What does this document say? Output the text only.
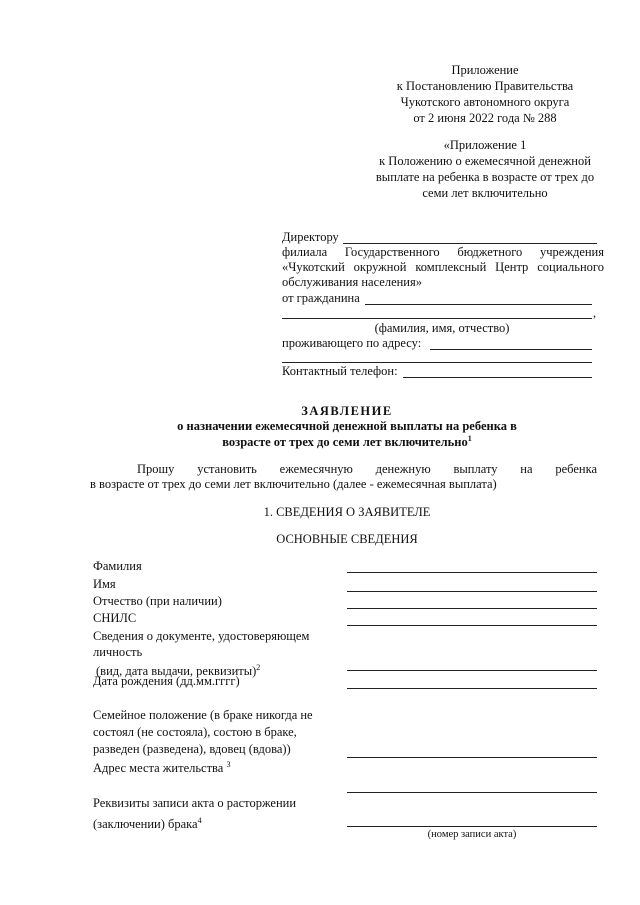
Приложение
к Постановлению Правительства
Чукотского автономного округа
от 2 июня 2022 года № 288
«Приложение 1
к Положению о ежемесячной денежной
выплате на ребенка в возрасте от трех до
семи лет включительно
Директору
филиала Государственного бюджетного учреждения
«Чукотский окружной комплексный Центр социального
обслуживания населения»
от гражданина
,
(фамилия, имя, отчество)
проживающего по адресу:
Контактный телефон:
ЗАЯВЛЕНИЕ
о назначении ежемесячной денежной выплаты на ребенка в
возрасте от трех до семи лет включительно$^1$
Прошу установить ежемесячную денежную выплату на ребенка
в возрасте от трех до семи лет включительно (далее - ежемесячная выплата)
1. СВЕДЕНИЯ О ЗАЯВИТЕЛЕ
ОСНОВНЫЕ СВЕДЕНИЯ
Фамилия
Имя
Отчество (при наличии)
СНИЛС
Сведения о документе, удостоверяющем
личность
(вид, дата выдачи, реквизиты)$^2$
Дата рождения (дд.мм.гггг)
Семейное положение (в браке никогда не
состоял (не состояла), состою в браке,
разведен (разведена), вдовец (вдова))
Адрес места жительства $^3$
Реквизиты записи акта о расторжении
(заключении) брака$^4$
(номер записи акта)
